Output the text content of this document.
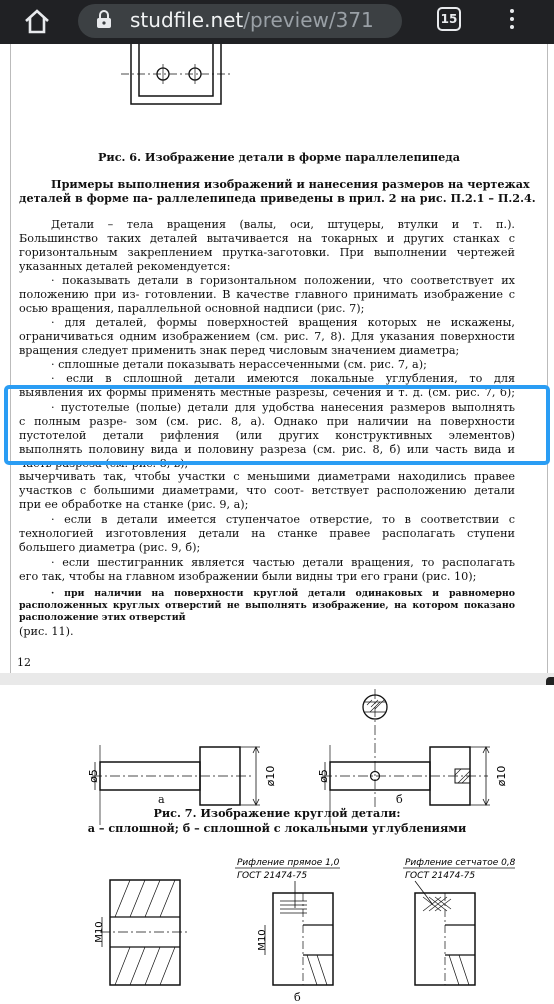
studfile.net/preview/371	15
Рис. 6. Изображение детали в форме параллелепипеда
Примеры выполнения изображений и нанесения размеров на чертежах
деталей в форме па- раллелепипеда приведены в прил. 2 на рис. П.2.1 – П.2.4.
Детали – тела вращения (валы, оси, штуцеры, втулки и т. п.).
Большинство таких деталей вытачивается на токарных и других станках с
горизонтальным закреплением прутка-заготовки. При выполнении чертежей
указанных деталей рекомендуется:
· показывать детали в горизонтальном положении, что соответствует их
положению при из- готовлении. В качестве главного принимать изображение с
осью вращения, параллельной основной надписи (рис. 7);
· для деталей, формы поверхностей вращения которых не искажены,
ограничиваться одним изображением (см. рис. 7, 8). Для указания поверхности
вращения следует применить знак перед числовым значением диаметра;
· сплошные детали показывать нерассеченными (см. рис. 7, а);
· если в сплошной детали имеются локальные углубления, то для
выявления их формы применять местные разрезы, сечения и т. д. (см. рис. 7, б);
· пустотелые (полые) детали для удобства нанесения размеров выполнять
с полным разре- зом (см. рис. 8, а). Однако при наличии на поверхности
пустотелой детали рифления (или других конструктивных элементов)
выполнять половину вида и половину разреза (см. рис. 8, б) или часть вида и
часть разреза (см. рис. 8, в);
вычерчивать так, чтобы участки с меньшими диаметрами находились правее
участков с большими диаметрами, что соот- ветствует расположению детали
при ее обработке на станке (рис. 9, а);
· если в детали имеется ступенчатое отверстие, то в соответствии с
технологией изготовления детали на станке правее располагать ступени
большего диаметра (рис. 9, б);
· если шестигранник является частью детали вращения, то располагать
его так, чтобы на главном изображении были видны три его грани (рис. 10);
· при наличии на поверхности круглой детали одинаковых и равномерно
расположенных круглых отверстий не выполнять изображение, на котором показано
расположение этих отверстий
(рис. 11).
12
ø5	ø10
а
ø5	ø10
б
Рис. 7. Изображение круглой детали:
а – сплошной; б – сплошной с локальными углублениями
М10
Рифление прямое 1,0
ГОСТ 21474-75
М10
Рифление сетчатое 0,8
ГОСТ 21474-75
б
